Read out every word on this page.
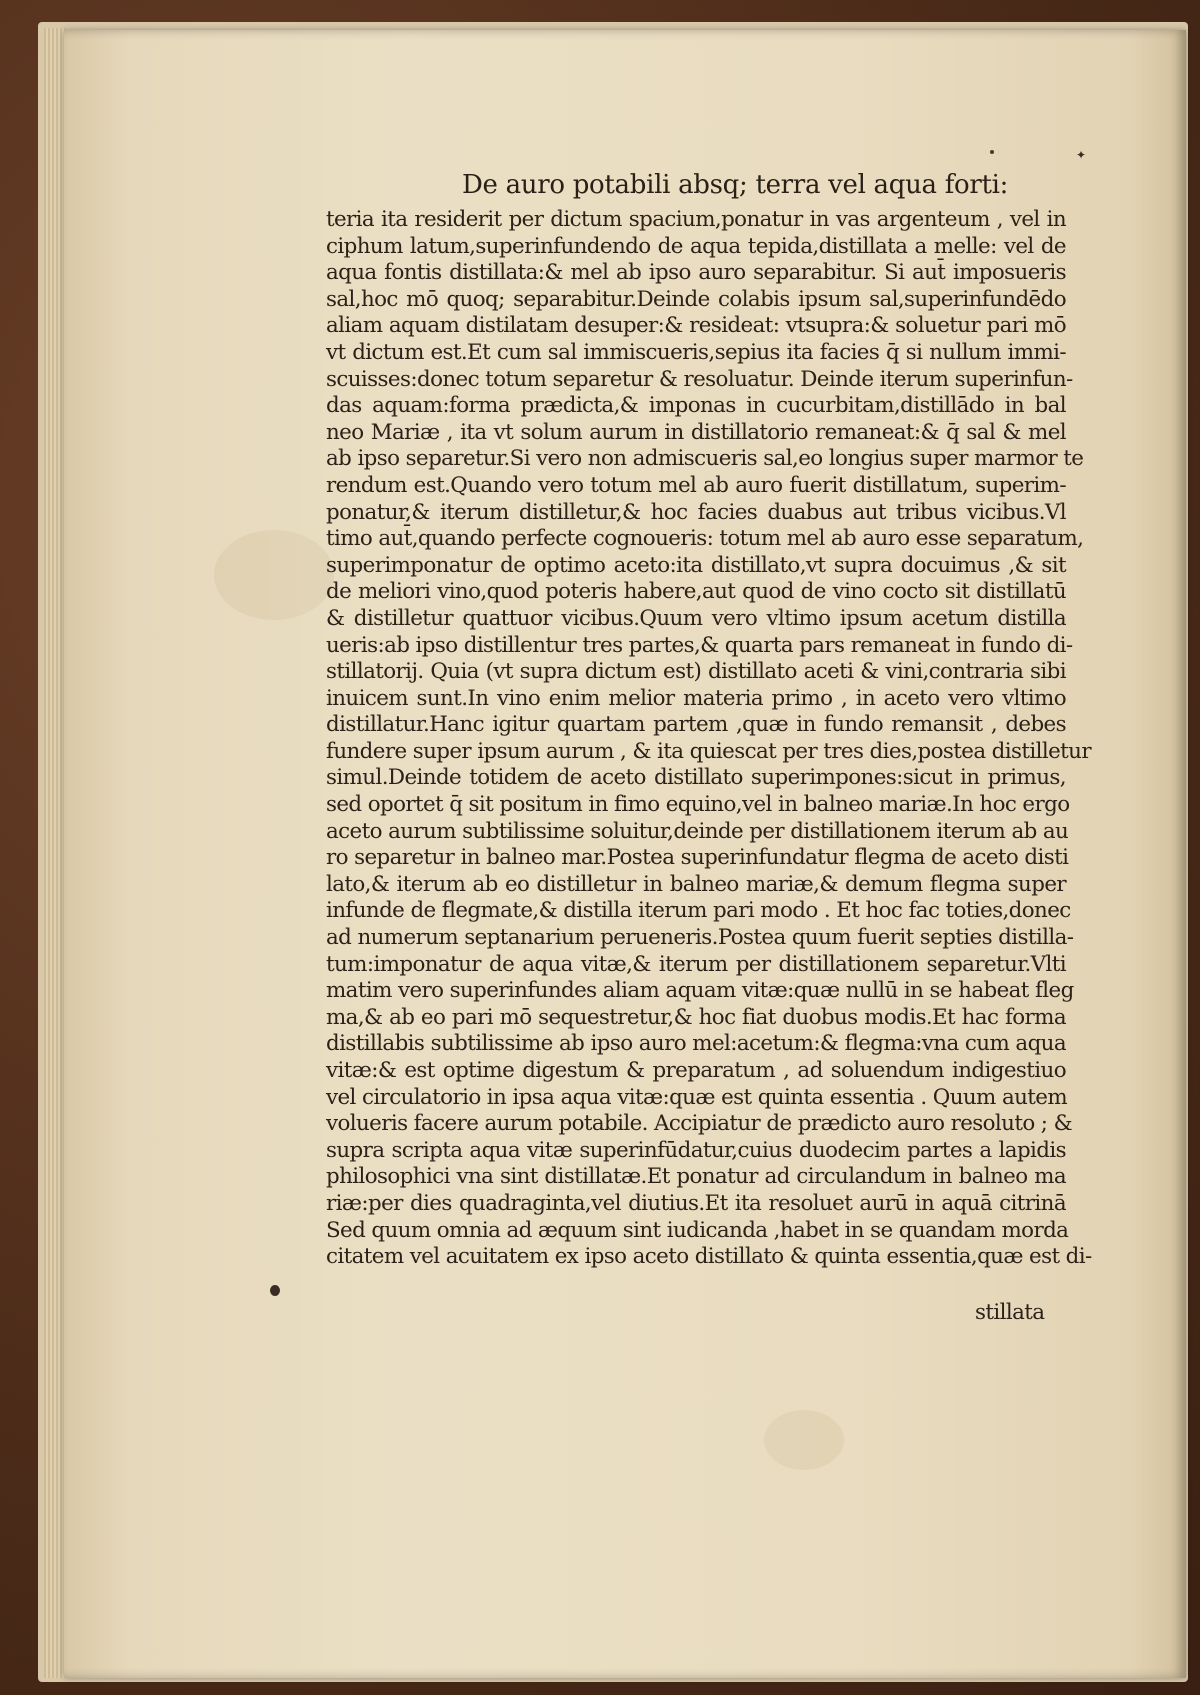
✦
De auro potabili absq; terra vel aqua forti:
teria ita residerit per dictum spacium,ponatur in vas argenteum , vel in
ciphum latum,superinfundendo de aqua tepida,distillata a melle: vel de
aqua fontis distillata:& mel ab ipso auro separabitur. Si aut̄ imposueris
sal,hoc mō quoq; separabitur.Deinde colabis ipsum sal,superinfundēdo
aliam aquam distilatam desuper:& resideat: vtsupra:& soluetur pari mō
vt dictum est.Et cum sal immiscueris,sepius ita facies q̄ si nullum immi-
scuisses:donec totum separetur & resoluatur. Deinde iterum superinfun-
das aquam:forma prædicta,& imponas in cucurbitam,distillādo in bal
neo Mariæ , ita vt solum aurum in distillatorio remaneat:& q̄ sal & mel
ab ipso separetur.Si vero non admiscueris sal,eo longius super marmor te
rendum est.Quando vero totum mel ab auro fuerit distillatum, superim-
ponatur,& iterum distilletur,& hoc facies duabus aut tribus vicibus.Vl
timo aut̄,quando perfecte cognoueris: totum mel ab auro esse separatum,
superimponatur de optimo aceto:ita distillato,vt supra docuimus ,& sit
de meliori vino,quod poteris habere,aut quod de vino cocto sit distillatū
& distilletur quattuor vicibus.Quum vero vltimo ipsum acetum distilla
ueris:ab ipso distillentur tres partes,& quarta pars remaneat in fundo di-
stillatorij. Quia (vt supra dictum est) distillato aceti & vini,contraria sibi
inuicem sunt.In vino enim melior materia primo , in aceto vero vltimo
distillatur.Hanc igitur quartam partem ,quæ in fundo remansit , debes
fundere super ipsum aurum , & ita quiescat per tres dies,postea distilletur
simul.Deinde totidem de aceto distillato superimpones:sicut in primus,
sed oportet q̄ sit positum in fimo equino,vel in balneo mariæ.In hoc ergo
aceto aurum subtilissime soluitur,deinde per distillationem iterum ab au
ro separetur in balneo mar.Postea superinfundatur flegma de aceto disti
lato,& iterum ab eo distilletur in balneo mariæ,& demum flegma super
infunde de flegmate,& distilla iterum pari modo . Et hoc fac toties,donec
ad numerum septanarium perueneris.Postea quum fuerit septies distilla-
tum:imponatur de aqua vitæ,& iterum per distillationem separetur.Vlti
matim vero superinfundes aliam aquam vitæ:quæ nullū in se habeat fleg
ma,& ab eo pari mō sequestretur,& hoc fiat duobus modis.Et hac forma
distillabis subtilissime ab ipso auro mel:acetum:& flegma:vna cum aqua
vitæ:& est optime digestum & preparatum , ad soluendum indigestiuo
vel circulatorio in ipsa aqua vitæ:quæ est quinta essentia . Quum autem
volueris facere aurum potabile. Accipiatur de prædicto auro resoluto ; &
supra scripta aqua vitæ superinfūdatur,cuius duodecim partes a lapidis
philosophici vna sint distillatæ.Et ponatur ad circulandum in balneo ma
riæ:per dies quadraginta,vel diutius.Et ita resoluet aurū in aquā citrinā
Sed quum omnia ad æquum sint iudicanda ,habet in se quandam morda
citatem vel acuitatem ex ipso aceto distillato & quinta essentia,quæ est di-
stillata
